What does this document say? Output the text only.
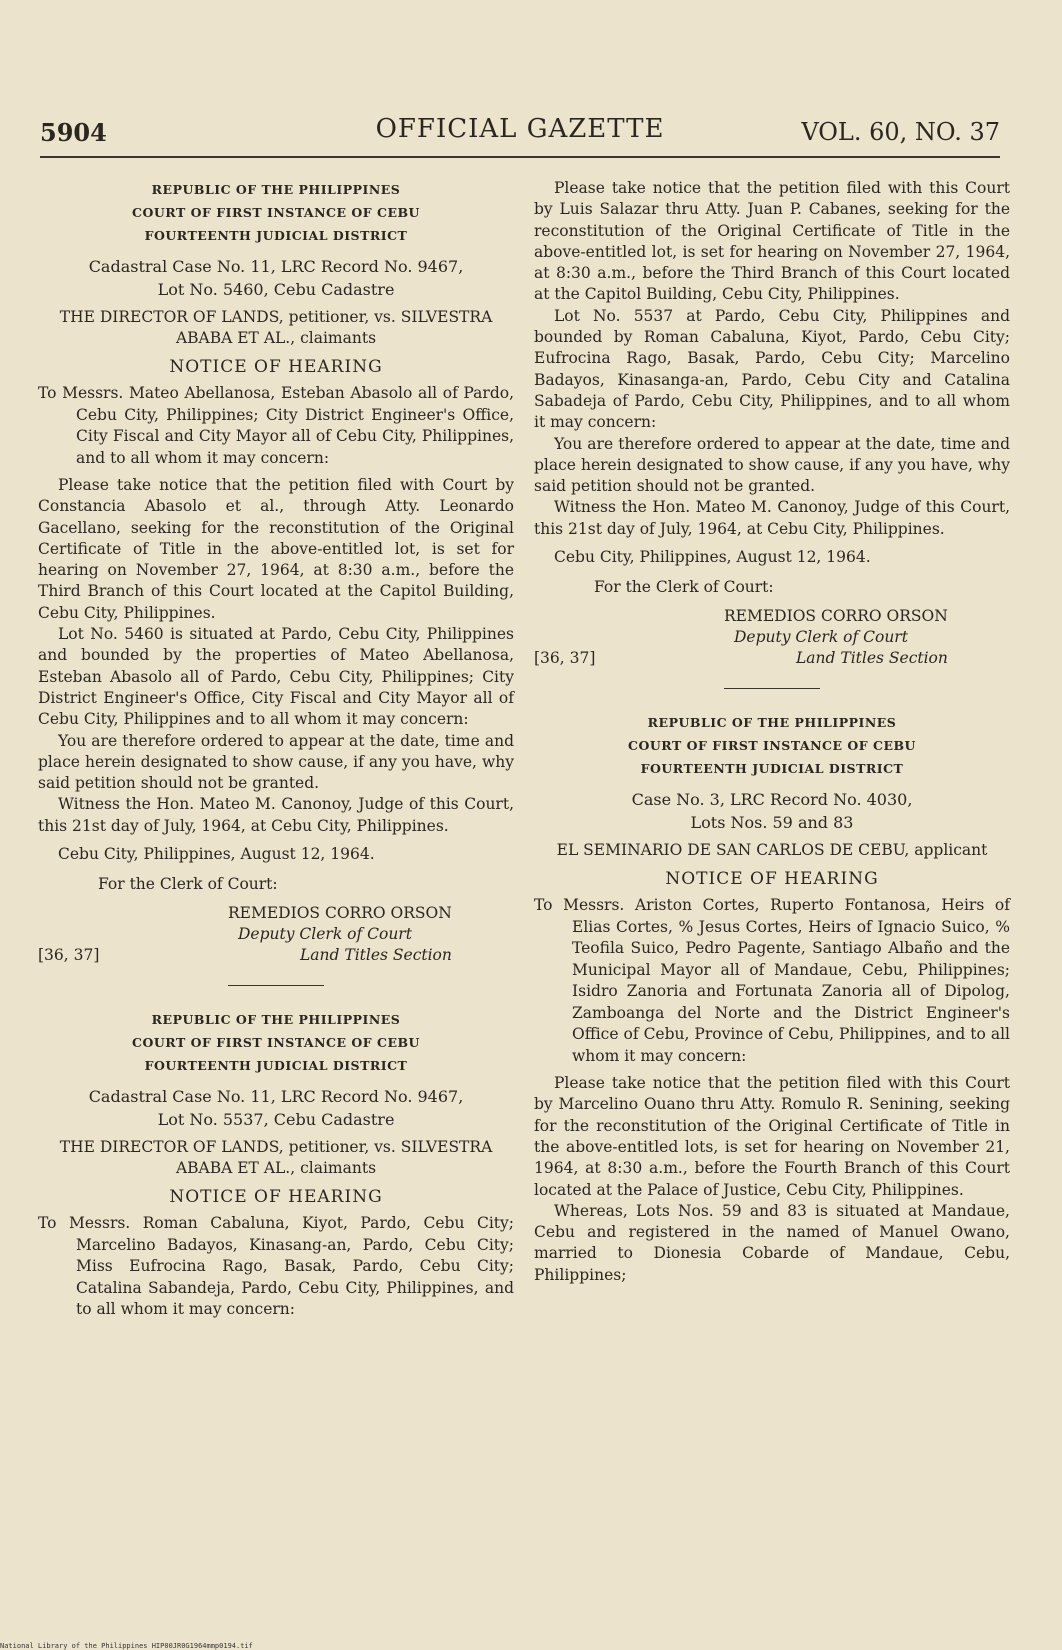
5904	OFFICIAL GAZETTE	VOL. 60, NO. 37
REPUBLIC OF THE PHILIPPINES
COURT OF FIRST INSTANCE OF CEBU
FOURTEENTH JUDICIAL DISTRICT
Cadastral Case No. 11, LRC Record No. 9467,
Lot No. 5460, Cebu Cadastre
THE DIRECTOR OF LANDS, petitioner, vs. SILVESTRA
ABABA ET AL., claimants
NOTICE OF HEARING

To Messrs. Mateo Abellanosa, Esteban Abasolo all of Pardo, Cebu City, Philippines; City District Engineer's Office, City Fiscal and City Mayor all of Cebu City, Philippines, and to all whom it may concern:

Please take notice that the petition filed with Court by Constancia Abasolo et al., through Atty. Leonardo Gacellano, seeking for the reconstitution of the Original Certificate of Title in the above-entitled lot, is set for hearing on November 27, 1964, at 8:30 a.m., before the Third Branch of this Court located at the Capitol Building, Cebu City, Philippines.

Lot No. 5460 is situated at Pardo, Cebu City, Philippines and bounded by the properties of Mateo Abellanosa, Esteban Abasolo all of Pardo, Cebu City, Philippines; City District Engineer's Office, City Fiscal and City Mayor all of Cebu City, Philippines and to all whom it may concern:

You are therefore ordered to appear at the date, time and place herein designated to show cause, if any you have, why said petition should not be granted.

Witness the Hon. Mateo M. Canonoy, Judge of this Court, this 21st day of July, 1964, at Cebu City, Philippines.

Cebu City, Philippines, August 12, 1964.

For the Clerk of Court:

REMEDIOS CORRO ORSON
Deputy Clerk of Court
Land Titles Section
[36, 37]
REPUBLIC OF THE PHILIPPINES
COURT OF FIRST INSTANCE OF CEBU
FOURTEENTH JUDICIAL DISTRICT
Cadastral Case No. 11, LRC Record No. 9467,
Lot No. 5537, Cebu Cadastre
THE DIRECTOR OF LANDS, petitioner, vs. SILVESTRA
ABABA ET AL., claimants
NOTICE OF HEARING

To Messrs. Roman Cabaluna, Kiyot, Pardo, Cebu City; Marcelino Badayos, Kinasang-an, Pardo, Cebu City; Miss Eufrocina Rago, Basak, Pardo, Cebu City; Catalina Sabandeja, Pardo, Cebu City, Philippines, and to all whom it may concern:

Please take notice that the petition filed with this Court by Luis Salazar thru Atty. Juan P. Cabanes, seeking for the reconstitution of the Original Certificate of Title in the above-entitled lot, is set for hearing on November 27, 1964, at 8:30 a.m., before the Third Branch of this Court located at the Capitol Building, Cebu City, Philippines.

Lot No. 5537 at Pardo, Cebu City, Philippines and bounded by Roman Cabaluna, Kiyot, Pardo, Cebu City; Eufrocina Rago, Basak, Pardo, Cebu City; Marcelino Badayos, Kinasanga-an, Pardo, Cebu City and Catalina Sabadeja of Pardo, Cebu City, Philippines, and to all whom it may concern:

You are therefore ordered to appear at the date, time and place herein designated to show cause, if any you have, why said petition should not be granted.

Witness the Hon. Mateo M. Canonoy, Judge of this Court, this 21st day of July, 1964, at Cebu City, Philippines.

Cebu City, Philippines, August 12, 1964.

For the Clerk of Court:

REMEDIOS CORRO ORSON
Deputy Clerk of Court
Land Titles Section
[36, 37]
REPUBLIC OF THE PHILIPPINES
COURT OF FIRST INSTANCE OF CEBU
FOURTEENTH JUDICIAL DISTRICT
Case No. 3, LRC Record No. 4030,
Lots Nos. 59 and 83
EL SEMINARIO DE SAN CARLOS DE CEBU, applicant
NOTICE OF HEARING

To Messrs. Ariston Cortes, Ruperto Fontanosa, Heirs of Elias Cortes, % Jesus Cortes, Heirs of Ignacio Suico, % Teofila Suico, Pedro Pagente, Santiago Albaño and the Municipal Mayor all of Mandaue, Cebu, Philippines; Isidro Zanoria and Fortunata Zanoria all of Dipolog, Zamboanga del Norte and the District Engineer's Office of Cebu, Province of Cebu, Philippines, and to all whom it may concern:

Please take notice that the petition filed with this Court by Marcelino Ouano thru Atty. Romulo R. Senining, seeking for the reconstitution of the Original Certificate of Title in the above-entitled lots, is set for hearing on November 21, 1964, at 8:30 a.m., before the Fourth Branch of this Court located at the Palace of Justice, Cebu City, Philippines.

Whereas, Lots Nos. 59 and 83 is situated at Mandaue, Cebu and registered in the named of Manuel Owano, married to Dionesia Cobarde of Mandaue, Cebu, Philippines;

National Library of the Philippines HIP00JR0G1964mmp0194.tif
